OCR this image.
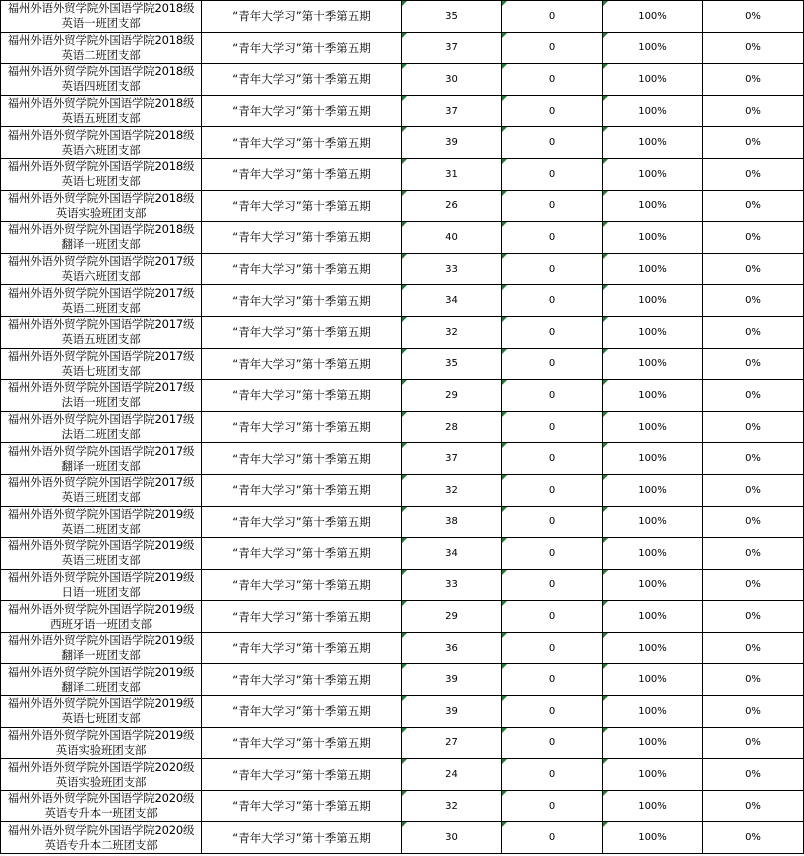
福州外语外贸学院外国语学院2018级
英语一班团支部	“青年大学习”第十季第五期	35	0	100%	0%

福州外语外贸学院外国语学院2018级
英语二班团支部	“青年大学习”第十季第五期	37	0	100%	0%

福州外语外贸学院外国语学院2018级
英语四班团支部	“青年大学习”第十季第五期	30	0	100%	0%

福州外语外贸学院外国语学院2018级
英语五班团支部	“青年大学习”第十季第五期	37	0	100%	0%

福州外语外贸学院外国语学院2018级
英语六班团支部	“青年大学习”第十季第五期	39	0	100%	0%

福州外语外贸学院外国语学院2018级
英语七班团支部	“青年大学习”第十季第五期	31	0	100%	0%

福州外语外贸学院外国语学院2018级
英语实验班团支部	“青年大学习”第十季第五期	26	0	100%	0%

福州外语外贸学院外国语学院2018级
翻译一班团支部	“青年大学习”第十季第五期	40	0	100%	0%

福州外语外贸学院外国语学院2017级
英语六班团支部	“青年大学习”第十季第五期	33	0	100%	0%

福州外语外贸学院外国语学院2017级
英语二班团支部	“青年大学习”第十季第五期	34	0	100%	0%

福州外语外贸学院外国语学院2017级
英语五班团支部	“青年大学习”第十季第五期	32	0	100%	0%

福州外语外贸学院外国语学院2017级
英语七班团支部	“青年大学习”第十季第五期	35	0	100%	0%

福州外语外贸学院外国语学院2017级
法语一班团支部	“青年大学习”第十季第五期	29	0	100%	0%

福州外语外贸学院外国语学院2017级
法语二班团支部	“青年大学习”第十季第五期	28	0	100%	0%

福州外语外贸学院外国语学院2017级
翻译一班团支部	“青年大学习”第十季第五期	37	0	100%	0%

福州外语外贸学院外国语学院2017级
英语三班团支部	“青年大学习”第十季第五期	32	0	100%	0%

福州外语外贸学院外国语学院2019级
英语二班团支部	“青年大学习”第十季第五期	38	0	100%	0%

福州外语外贸学院外国语学院2019级
英语三班团支部	“青年大学习”第十季第五期	34	0	100%	0%

福州外语外贸学院外国语学院2019级
日语一班团支部	“青年大学习”第十季第五期	33	0	100%	0%

福州外语外贸学院外国语学院2019级
西班牙语一班团支部	“青年大学习”第十季第五期	29	0	100%	0%

福州外语外贸学院外国语学院2019级
翻译一班团支部	“青年大学习”第十季第五期	36	0	100%	0%

福州外语外贸学院外国语学院2019级
翻译二班团支部	“青年大学习”第十季第五期	39	0	100%	0%

福州外语外贸学院外国语学院2019级
英语七班团支部	“青年大学习”第十季第五期	39	0	100%	0%

福州外语外贸学院外国语学院2019级
英语实验班团支部	“青年大学习”第十季第五期	27	0	100%	0%

福州外语外贸学院外国语学院2020级
英语实验班团支部	“青年大学习”第十季第五期	24	0	100%	0%

福州外语外贸学院外国语学院2020级
英语专升本一班团支部	“青年大学习”第十季第五期	32	0	100%	0%

福州外语外贸学院外国语学院2020级
英语专升本二班团支部	“青年大学习”第十季第五期	30	0	100%	0%
